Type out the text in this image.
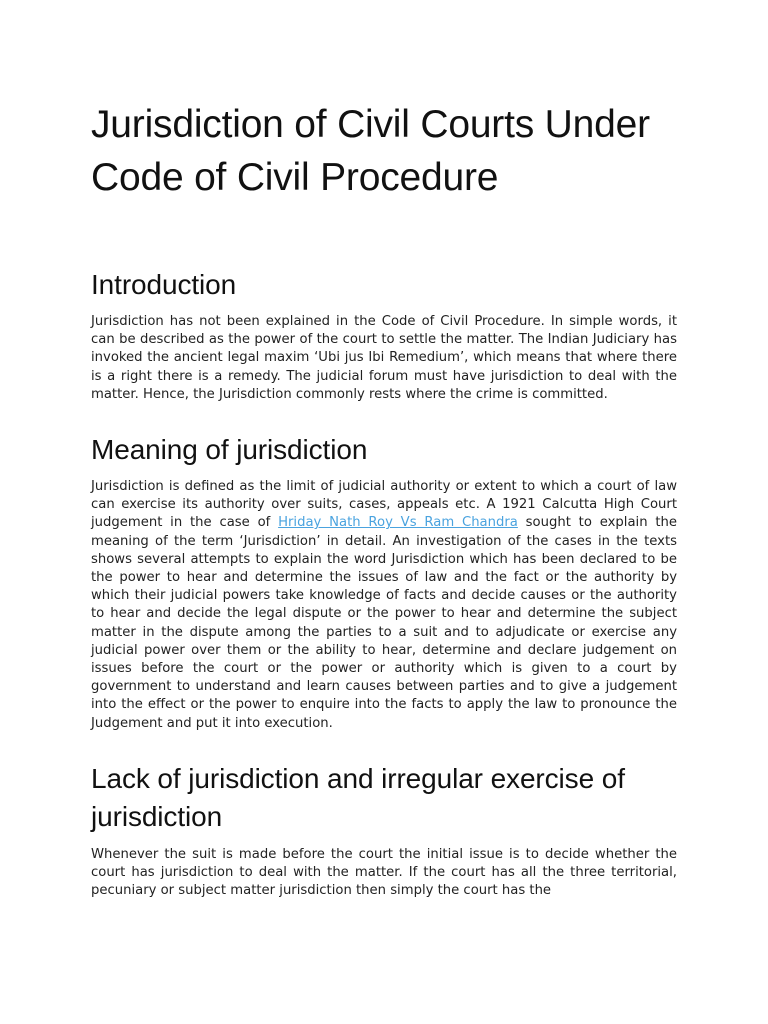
Jurisdiction of Civil Courts Under Code of Civil Procedure
Introduction

Jurisdiction has not been explained in the Code of Civil Procedure. In simple words, it can be described as the power of the court to settle the matter. The Indian Judiciary has invoked the ancient legal maxim ‘Ubi jus Ibi Remedium’, which means that where there is a right there is a remedy. The judicial forum must have jurisdiction to deal with the matter. Hence, the Jurisdiction commonly rests where the crime is committed.

Meaning of jurisdiction

Jurisdiction is defined as the limit of judicial authority or extent to which a court of law can exercise its authority over suits, cases, appeals etc. A 1921 Calcutta High Court judgement in the case of Hriday Nath Roy Vs Ram Chandra sought to explain the meaning of the term ‘Jurisdiction’ in detail. An investigation of the cases in the texts shows several attempts to explain the word Jurisdiction which has been declared to be the power to hear and determine the issues of law and the fact or the authority by which their judicial powers take knowledge of facts and decide causes or the authority to hear and decide the legal dispute or the power to hear and determine the subject matter in the dispute among the parties to a suit and to adjudicate or exercise any judicial power over them or the ability to hear, determine and declare judgement on issues before the court or the power or authority which is given to a court by government to understand and learn causes between parties and to give a judgement into the effect or the power to enquire into the facts to apply the law to pronounce the Judgement and put it into execution.

Lack of jurisdiction and irregular exercise of jurisdiction

Whenever the suit is made before the court the initial issue is to decide whether the court has jurisdiction to deal with the matter. If the court has all the three territorial, pecuniary or subject matter jurisdiction then simply the court has the
